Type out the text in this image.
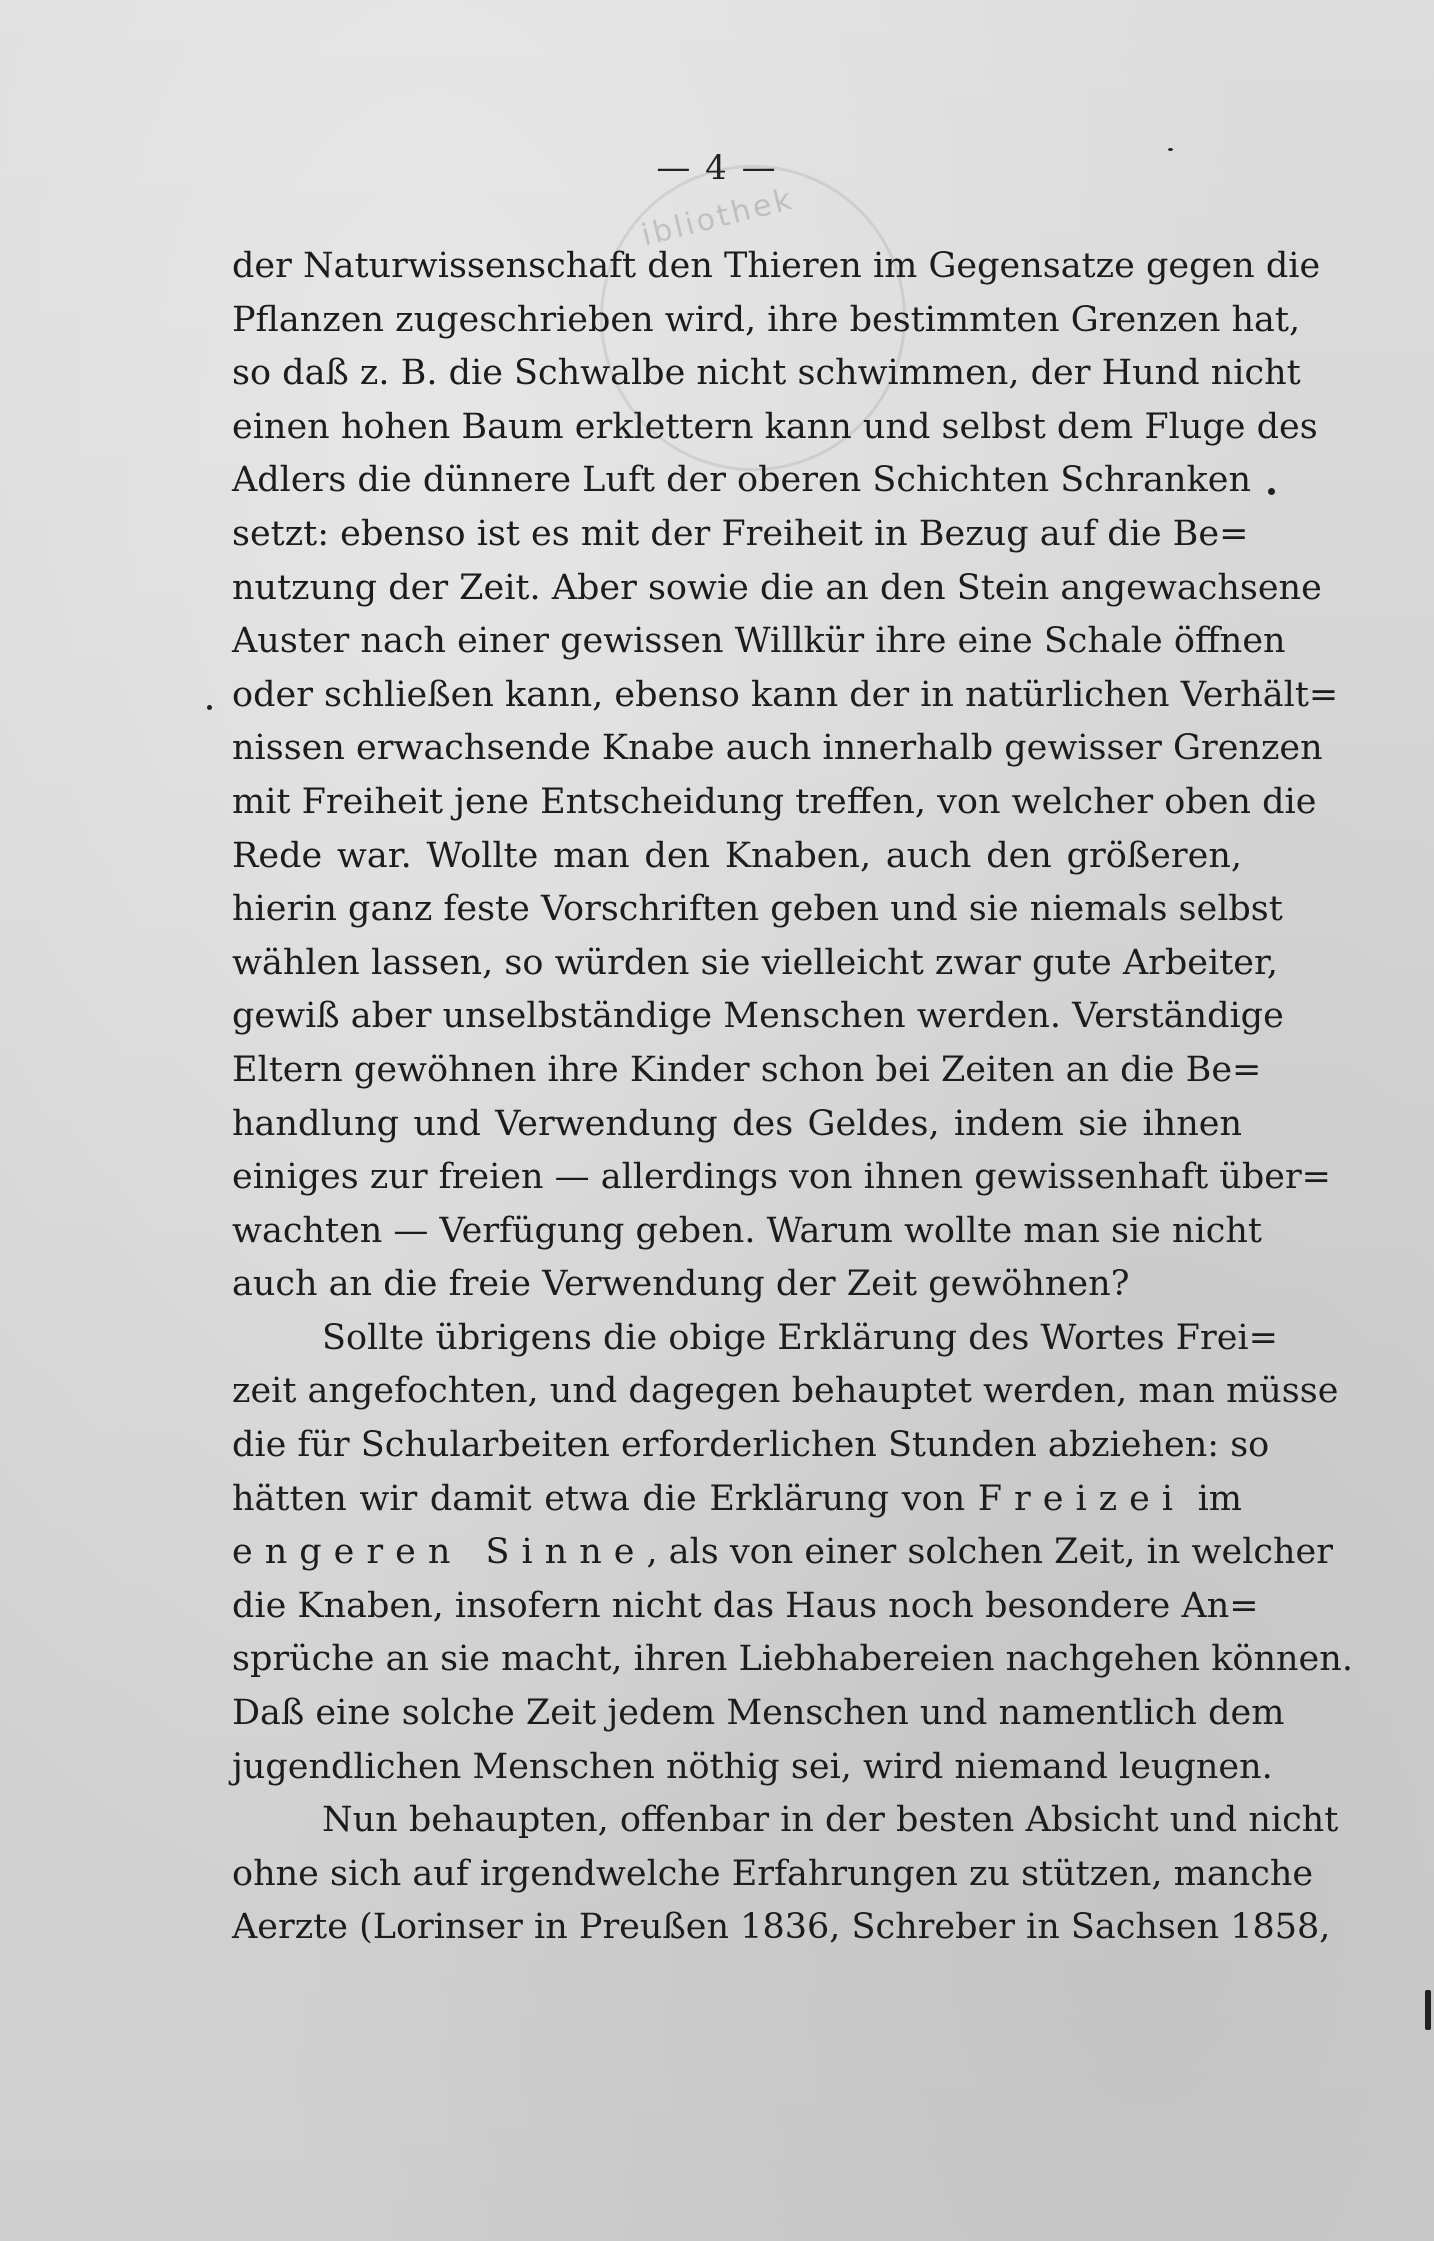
ibliothek
— 4 —
der Naturwissenschaft den Thieren im Gegensatze gegen die
Pflanzen zugeschrieben wird, ihre bestimmten Grenzen hat,
so daß z. B. die Schwalbe nicht schwimmen, der Hund nicht
einen hohen Baum erklettern kann und selbst dem Fluge des
Adlers die dünnere Luft der oberen Schichten Schranken
setzt: ebenso ist es mit der Freiheit in Bezug auf die Be=
nutzung der Zeit. Aber sowie die an den Stein angewachsene
Auster nach einer gewissen Willkür ihre eine Schale öffnen
oder schließen kann, ebenso kann der in natürlichen Verhält=
nissen erwachsende Knabe auch innerhalb gewisser Grenzen
mit Freiheit jene Entscheidung treffen, von welcher oben die
Rede war. Wollte man den Knaben, auch den größeren,
hierin ganz feste Vorschriften geben und sie niemals selbst
wählen lassen, so würden sie vielleicht zwar gute Arbeiter,
gewiß aber unselbständige Menschen werden. Verständige
Eltern gewöhnen ihre Kinder schon bei Zeiten an die Be=
handlung und Verwendung des Geldes, indem sie ihnen
einiges zur freien — allerdings von ihnen gewissenhaft über=
wachten — Verfügung geben. Warum wollte man sie nicht
auch an die freie Verwendung der Zeit gewöhnen?
Sollte übrigens die obige Erklärung des Wortes Frei=
zeit angefochten, und dagegen behauptet werden, man müsse
die für Schularbeiten erforderlichen Stunden abziehen: so
hätten wir damit etwa die Erklärung von Freizei im
engeren Sinne, als von einer solchen Zeit, in welcher
die Knaben, insofern nicht das Haus noch besondere An=
sprüche an sie macht, ihren Liebhabereien nachgehen können.
Daß eine solche Zeit jedem Menschen und namentlich dem
jugendlichen Menschen nöthig sei, wird niemand leugnen.
Nun behaupten, offenbar in der besten Absicht und nicht
ohne sich auf irgendwelche Erfahrungen zu stützen, manche
Aerzte (Lorinser in Preußen 1836, Schreber in Sachsen 1858,
